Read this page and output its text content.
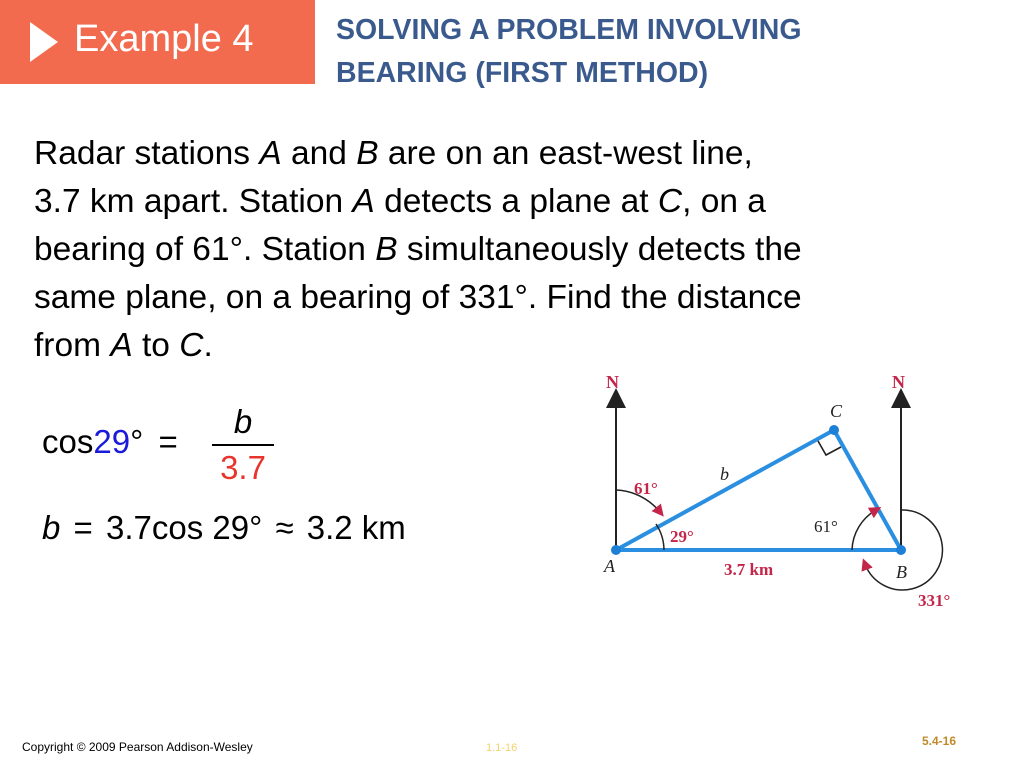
Example 4	SOLVING A PROBLEM INVOLVING
BEARING (FIRST METHOD)

Radar stations A and B are on an east-west line,

3.7 km apart. Station A detects a plane at C, on a

bearing of 61°. Station B simultaneously detects the

same plane, on a bearing of 331°. Find the distance

from A to C.

cos29° =
b
3.7
b = 3.7cos 29° ≈ 3.2 km
N	N
A	B
C
b
3.7 km
61°
29°
61°
331°
Copyright © 2009 Pearson Addison-Wesley	1.1-16	5.4-16
